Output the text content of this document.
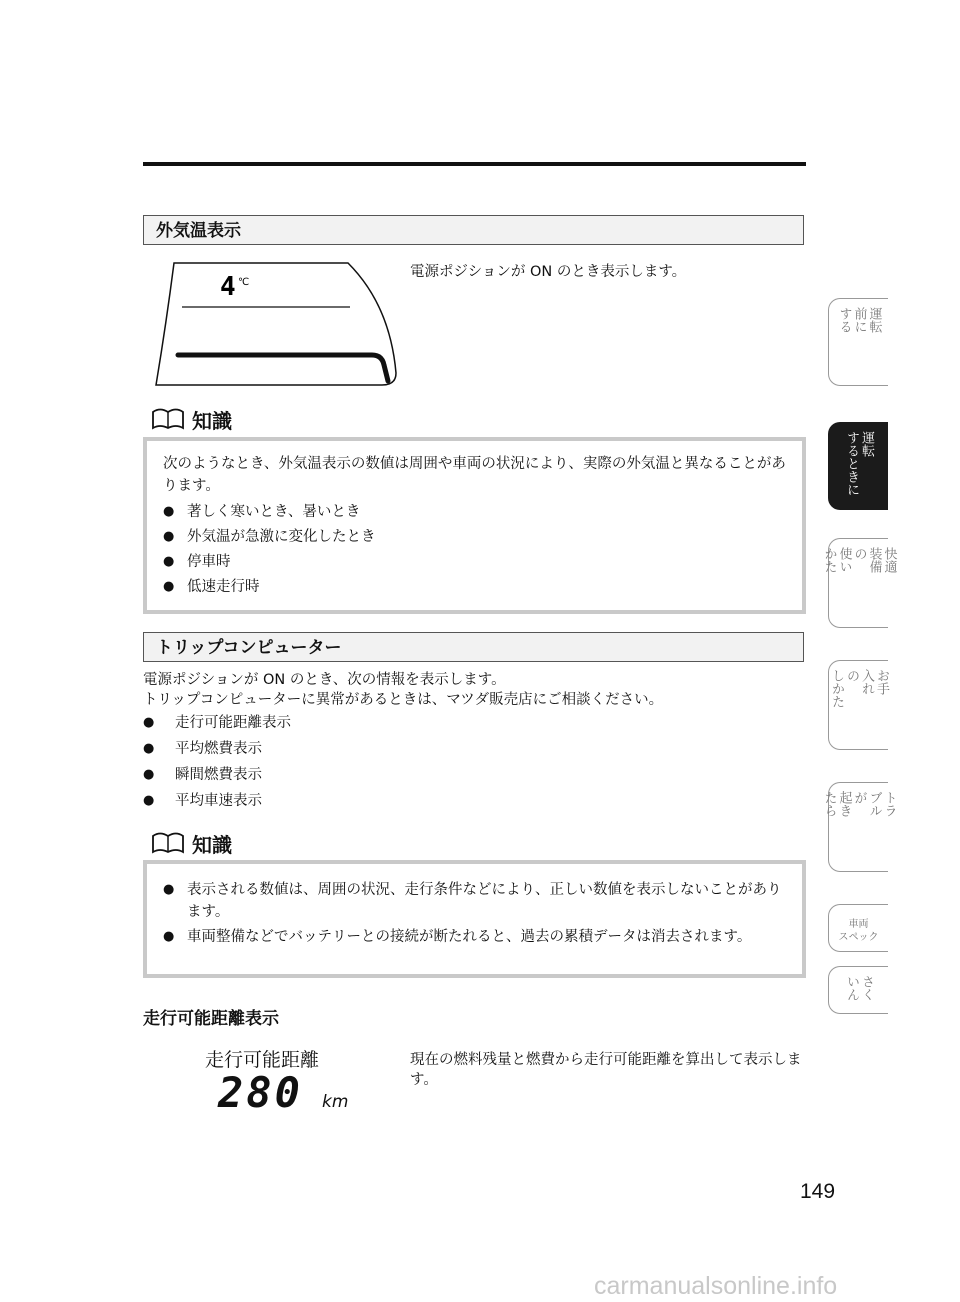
外気温表示
4 ℃
電源ポジションが ON のとき表示します。
知識

次のようなとき、外気温表示の数値は周囲や車両の状況により、実際の外気温と異なることがあります。

● 著しく寒いとき、暑いとき
● 外気温が急激に変化したとき
● 停車時
● 低速走行時
トリップコンピューター
電源ポジションが ON のとき、次の情報を表示します。
トリップコンピューターに異常があるときは、マツダ販売店にご相談ください。
●	走行可能距離表示
●	平均燃費表示
●	瞬間燃費表示
●	平均車速表示
知識
● 表示される数値は、周囲の状況、走行条件などにより、正しい数値を表示しないことがあります。
● 車両整備などでバッテリーとの接続が断たれると、過去の累積データは消去されます。
走行可能距離表示
走行可能距離
280 km
現在の燃料残量と燃費から走行可能距離を算出して表示します。
運転
前に
する
運転
するときに
快適
装備
の
使い
かた
お手
入れ
の
しかた
トラ
ブル
が
起き
たら
車両
スペック
さく
いん
149
carmanualsonline.info
